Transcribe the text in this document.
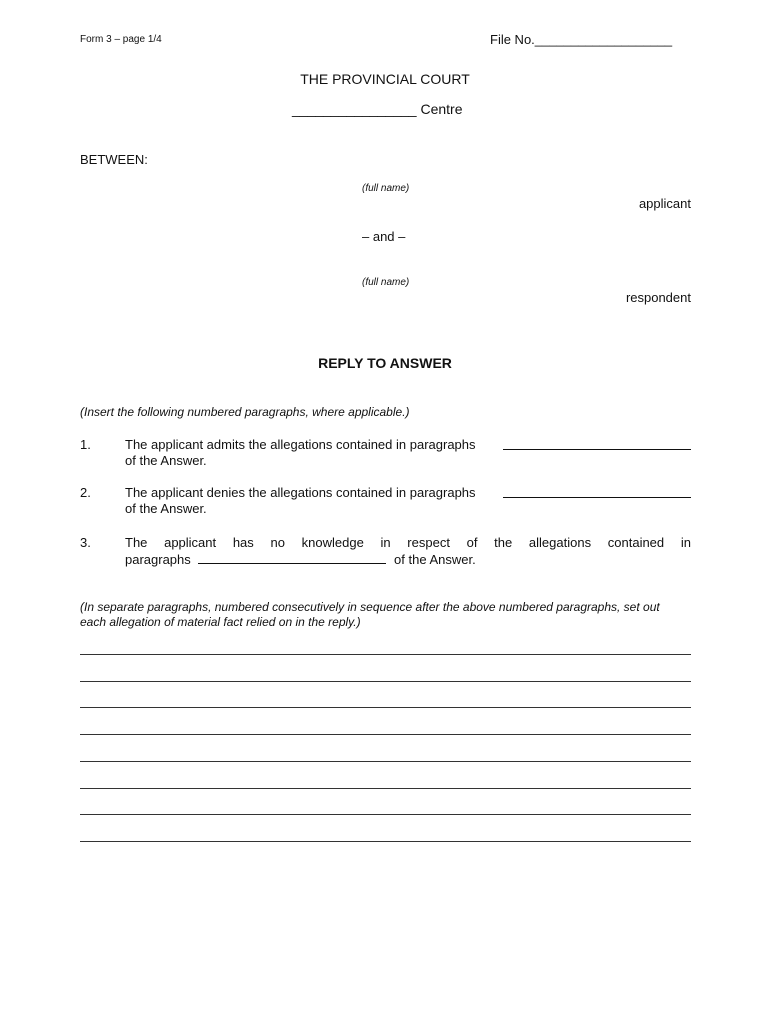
Form 3 – page 1/4	File No.___________________
THE PROVINCIAL COURT
________________ Centre
BETWEEN:
(full name)
applicant
– and –
(full name)
respondent
REPLY TO ANSWER
(Insert the following numbered paragraphs, where applicable.)
1.	The applicant admits the allegations contained in paragraphs
of the Answer.
2.	The applicant denies the allegations contained in paragraphs
of the Answer.
3.	The applicant has no knowledge in respect of the allegations contained in
paragraphs	of the Answer.
(In separate paragraphs, numbered consecutively in sequence after the above numbered paragraphs, set out
each allegation of material fact relied on in the reply.)
